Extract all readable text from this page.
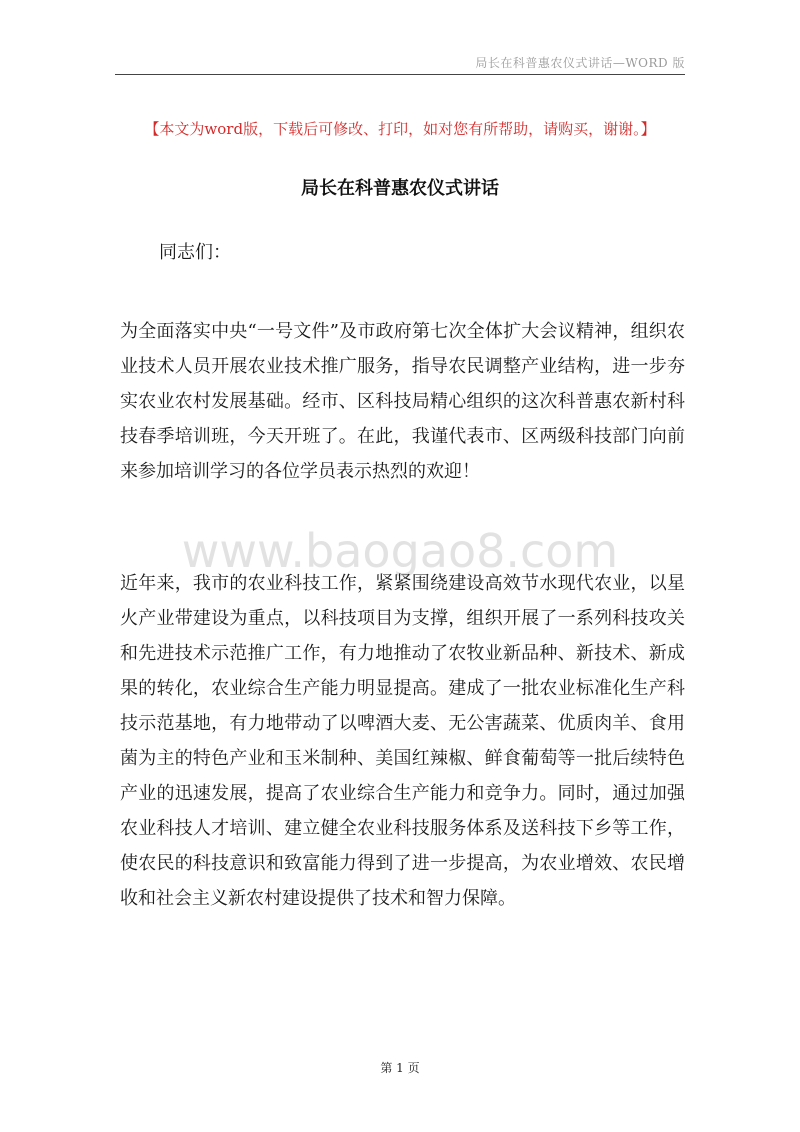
局长在科普惠农仪式讲话—WORD 版
【本文为word版，下载后可修改、打印，如对您有所帮助，请购买，谢谢。】
局长在科普惠农仪式讲话
同志们：
为全面落实中央“一号文件”及市政府第七次全体扩大会议精神，组织农业技术人员开展农业技术推广服务，指导农民调整产业结构，进一步夯实农业农村发展基础。经市、区科技局精心组织的这次科普惠农新村科技春季培训班，今天开班了。在此，我谨代表市、区两级科技部门向前来参加培训学习的各位学员表示热烈的欢迎！
www.baogao8.com
近年来，我市的农业科技工作，紧紧围绕建设高效节水现代农业，以星火产业带建设为重点，以科技项目为支撑，组织开展了一系列科技攻关和先进技术示范推广工作，有力地推动了农牧业新品种、新技术、新成果的转化，农业综合生产能力明显提高。建成了一批农业标准化生产科技示范基地，有力地带动了以啤酒大麦、无公害蔬菜、优质肉羊、食用菌为主的特色产业和玉米制种、美国红辣椒、鲜食葡萄等一批后续特色产业的迅速发展，提高了农业综合生产能力和竞争力。同时，通过加强农业科技人才培训、建立健全农业科技服务体系及送科技下乡等工作，使农民的科技意识和致富能力得到了进一步提高，为农业增效、农民增收和社会主义新农村建设提供了技术和智力保障。
第 1 页
